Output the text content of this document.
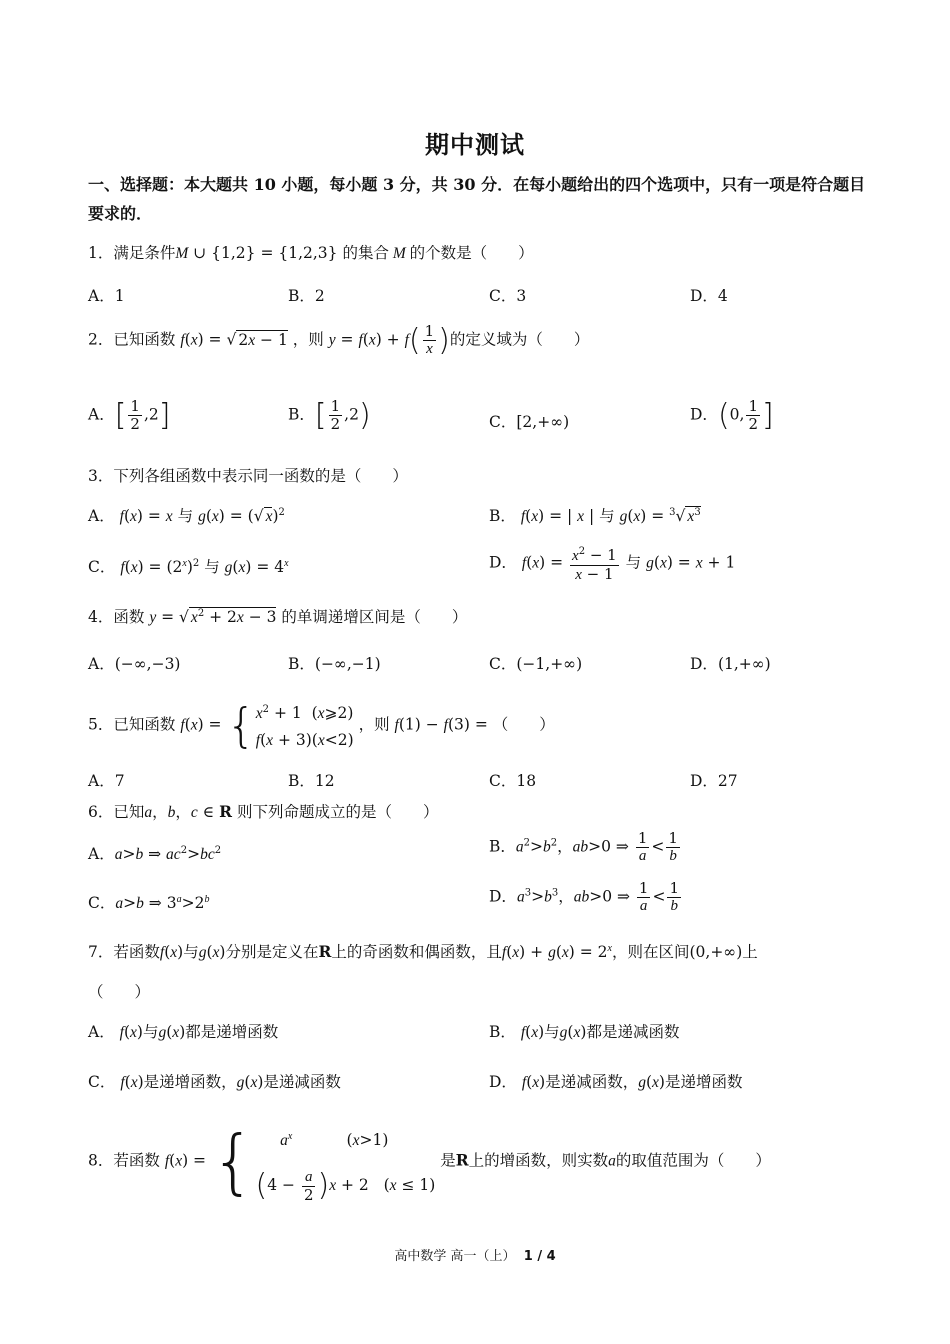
期中测试
一、选择题：本大题共 10 小题，每小题 3 分，共 30 分．在每小题给出的四个选项中，只有一项是符合题目要求的．
1．满足条件M ∪ {1,2} = {1,2,3} 的集合 M 的个数是（　　）
A．1	B．2	C．3	D．4
2．已知函数 f(x) = √ 2x − 1 ，则 $y = f(x) + f( \frac{1}{x}$ )的定义域为（　　）
A．[ $\frac{1}{2} ,2$]	B．[ $\frac{1}{2} ,2$)	C．[2,+∞)	D．(0, $\frac{1}{2}$ ]
3．下列各组函数中表示同一函数的是（　　）
A． f(x) = x 与 g(x) = (√ x)$^2$	B． f(x) = | x | 与 g(x) = $^3$√ $x^3$
C． $f(x) = (2^x)^2$ 与 $g(x) = 4^x$	D． $f(x) = \frac{x^2 - 1}{x - 1}$ 与 g(x) = x + 1
4．函数 y = √ $x^2 + 2x - 3$ 的单调递增区间是（　　）
A．(−∞,−3)	B．(−∞,−1)	C．(−1,+∞)	D．(1,+∞)
5．已知函数 f(x) = { $x^2 + 1$  (x⩾2)
f(x + 3)(x<2)
，则 f(1) − f(3) = （　　）
A．7	B．12	C．18	D．27
6．已知a，b，c ∈ R 则下列命题成立的是（　　）
A．a>b ⇒ $ac^2>bc^2$	B．$a^2>b^2$，ab>0 ⇒ $\frac{1}{a} < \frac{1}{b}$
C．a>b ⇒ $3^a>2^b$	D．$a^3>b^3$，ab>0 ⇒ $\frac{1}{a} < \frac{1}{b}$
7．若函数f(x)与g(x)分别是定义在R上的奇函数和偶函数，且$f(x) + g(x) = 2^x$，则在区间(0,+∞)上
（　　）
A． f(x)与g(x)都是递增函数	B． f(x)与g(x)都是递减函数
C． f(x)是递增函数，g(x)是递减函数	D． f(x)是递减函数，g(x)是递增函数
8．若函数 f(x) = {	$a^x$           (x>1)
$(4 - \frac{a}{2} )x + 2$   (x ≤ 1)
是R上的增函数，则实数a的取值范围为（　　）
高中数学 高一（上） 1 / 4
